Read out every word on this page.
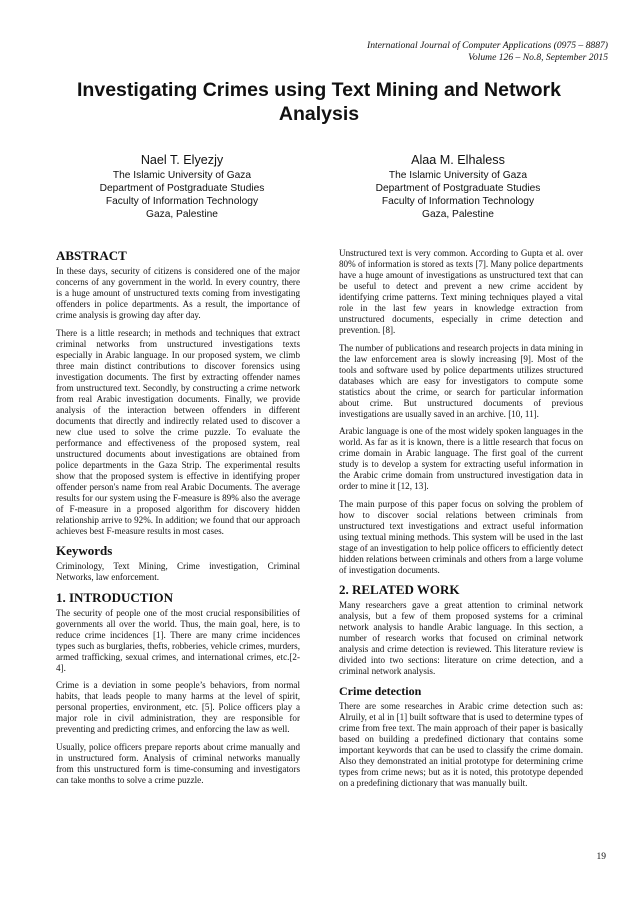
International Journal of Computer Applications (0975 – 8887)
Volume 126 – No.8, September 2015
Investigating Crimes using Text Mining and Network
Analysis
Nael T. Elyezjy
The Islamic University of Gaza
Department of Postgraduate Studies
Faculty of Information Technology
Gaza, Palestine
Alaa M. Elhaless
The Islamic University of Gaza
Department of Postgraduate Studies
Faculty of Information Technology
Gaza, Palestine
ABSTRACT

In these days, security of citizens is considered one of the major concerns of any government in the world. In every country, there is a huge amount of unstructured texts coming from investigating offenders in police departments. As a result, the importance of crime analysis is growing day after day.

There is a little research; in methods and techniques that extract criminal networks from unstructured investigations texts especially in Arabic language. In our proposed system, we climb three main distinct contributions to discover forensics using investigation documents. The first by extracting offender names from unstructured text. Secondly, by constructing a crime network from real Arabic investigation documents. Finally, we provide analysis of the interaction between offenders in different documents that directly and indirectly related used to discover a new clue used to solve the crime puzzle. To evaluate the performance and effectiveness of the proposed system, real unstructured documents about investigations are obtained from police departments in the Gaza Strip. The experimental results show that the proposed system is effective in identifying proper offender person's name from real Arabic Documents. The average results for our system using the F-measure is 89% also the average of F-measure in a proposed algorithm for discovery hidden relationship arrive to 92%. In addition; we found that our approach achieves best F-measure results in most cases.

Keywords

Criminology, Text Mining, Crime investigation, Criminal Networks, law enforcement.

1. INTRODUCTION

The security of people one of the most crucial responsibilities of governments all over the world. Thus, the main goal, here, is to reduce crime incidences [1]. There are many crime incidences types such as burglaries, thefts, robberies, vehicle crimes, murders, armed trafficking, sexual crimes, and international crimes, etc.[2-4].

Crime is a deviation in some people’s behaviors, from normal habits, that leads people to many harms at the level of spirit, personal properties, environment, etc. [5]. Police officers play a major role in civil administration, they are responsible for preventing and predicting crimes, and enforcing the law as well.

Usually, police officers prepare reports about crime manually and in unstructured form. Analysis of criminal networks manually from this unstructured form is time-consuming and investigators can take months to solve a crime puzzle.

Unstructured text is very common. According to Gupta et al. over 80% of information is stored as texts [7]. Many police departments have a huge amount of investigations as unstructured text that can be useful to detect and prevent a new crime accident by identifying crime patterns. Text mining techniques played a vital role in the last few years in knowledge extraction from unstructured documents, especially in crime detection and prevention. [8].

The number of publications and research projects in data mining in the law enforcement area is slowly increasing [9]. Most of the tools and software used by police departments utilizes structured databases which are easy for investigators to compute some statistics about the crime, or search for particular information about crime. But unstructured documents of previous investigations are usually saved in an archive. [10, 11].

Arabic language is one of the most widely spoken languages in the world. As far as it is known, there is a little research that focus on crime domain in Arabic language. The first goal of the current study is to develop a system for extracting useful information in the Arabic crime domain from unstructured investigation data in order to mine it [12, 13].

The main purpose of this paper focus on solving the problem of how to discover social relations between criminals from unstructured text investigations and extract useful information using textual mining methods. This system will be used in the last stage of an investigation to help police officers to efficiently detect hidden relations between criminals and others from a large volume of investigation documents.

2. RELATED WORK

Many researchers gave a great attention to criminal network analysis, but a few of them proposed systems for a criminal network analysis to handle Arabic language. In this section, a number of research works that focused on criminal network analysis and crime detection is reviewed. This literature review is divided into two sections: literature on crime detection, and a criminal network analysis.

Crime detection

There are some researches in Arabic crime detection such as: Alruily, et al in [1] built software that is used to determine types of crime from free text. The main approach of their paper is basically based on building a predefined dictionary that contains some important keywords that can be used to classify the crime domain. Also they demonstrated an initial prototype for determining crime types from crime news; but as it is noted, this prototype depended on a predefining dictionary that was manually built.

19
